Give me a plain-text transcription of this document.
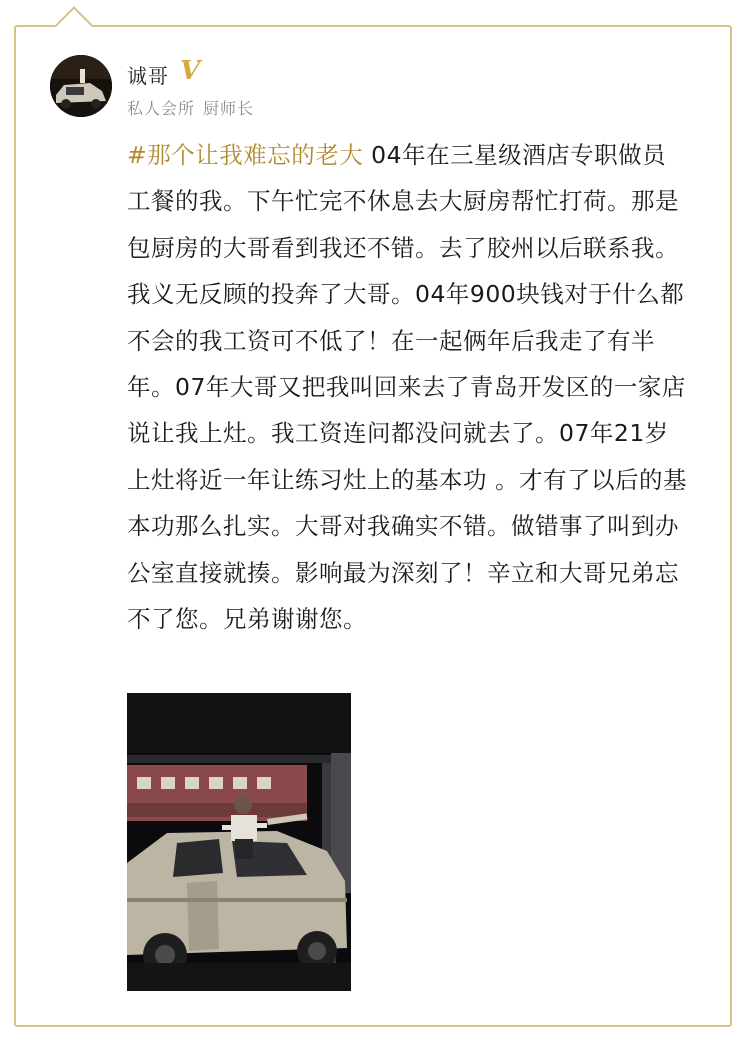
诚哥 V
私人会所 厨师长
#那个让我难忘的老大 04年在三星级酒店专职做员工餐的我。下午忙完不休息去大厨房帮忙打荷。那是包厨房的大哥看到我还不错。去了胶州以后联系我。我义无反顾的投奔了大哥。04年900块钱对于什么都不会的我工资可不低了！在一起俩年后我走了有半年。07年大哥又把我叫回来去了青岛开发区的一家店说让我上灶。我工资连问都没问就去了。07年21岁上灶将近一年让练习灶上的基本功 。才有了以后的基本功那么扎实。大哥对我确实不错。做错事了叫到办公室直接就揍。影响最为深刻了！辛立和大哥兄弟忘不了您。兄弟谢谢您。
